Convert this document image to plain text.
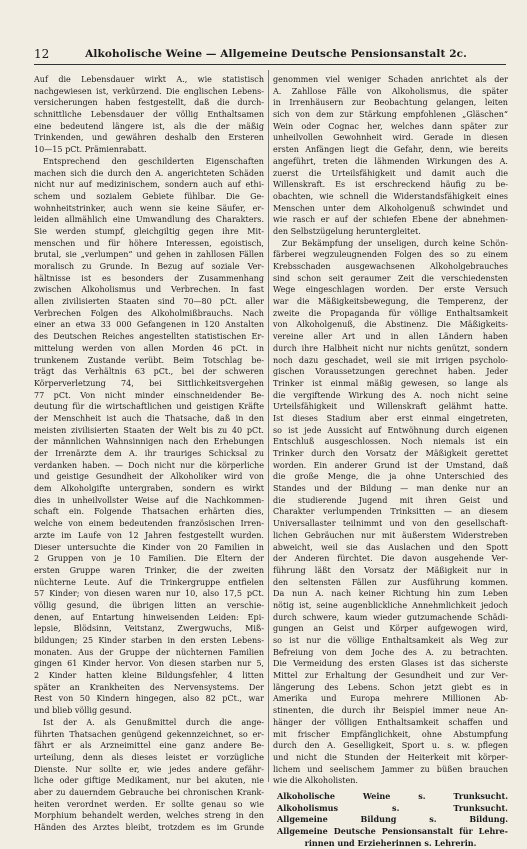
12	Alkoholische Weine — Allgemeine Deutsche Pensionsanstalt 2c.
Auf die Lebensdauer wirkt A., wie statistisch
nachgewiesen ist, verkürzend. Die englischen Lebens-
versicherungen haben festgestellt, daß die durch-
schnittliche Lebensdauer der völlig Enthaltsamen
eine bedeutend längere ist, als die der mäßig
Trinkenden, und gewähren deshalb den Ersteren
10—15 pCt. Prämienrabatt.
Entsprechend den geschilderten Eigenschaften
machen sich die durch den A. angerichteten Schäden
nicht nur auf medizinischem, sondern auch auf ethi-
schem und sozialem Gebiete fühlbar. Die Ge-
wohnheitstrinker, auch wenn sie keine Säufer, er-
leiden allmählich eine Umwandlung des Charakters.
Sie werden stumpf, gleichgiltig gegen ihre Mit-
menschen und für höhere Interessen, egoistisch,
brutal, sie „verlumpen“ und gehen in zahllosen Fällen
moralisch zu Grunde. In Bezug auf soziale Ver-
hältnisse ist es besonders der Zusammenhang
zwischen Alkoholismus und Verbrechen. In fast
allen zivilisierten Staaten sind 70—80 pCt. aller
Verbrechen Folgen des Alkoholmißbrauchs. Nach
einer an etwa 33 000 Gefangenen in 120 Anstalten
des Deutschen Reiches angestellten statistischen Er-
mittelung werden von allen Morden 46 pCt. in
trunkenem Zustande verübt. Beim Totschlag be-
trägt das Verhältnis 63 pCt., bei der schweren
Körperverletzung 74, bei Sittlichkeitsvergehen
77 pCt. Von nicht minder einschneidender Be-
deutung für die wirtschaftlichen und geistigen Kräfte
der Menschheit ist auch die Thatsache, daß in den
meisten zivilisierten Staaten der Welt bis zu 40 pCt.
der männlichen Wahnsinnigen nach den Erhebungen
der Irrenärzte dem A. ihr trauriges Schicksal zu
verdanken haben. — Doch nicht nur die körperliche
und geistige Gesundheit der Alkoholiker wird von
dem Alkoholgifte untergraben, sondern es wirkt
dies in unheilvollster Weise auf die Nachkommen-
schaft ein. Folgende Thatsachen erhärten dies,
welche von einem bedeutenden französischen Irren-
arzte im Laufe von 12 Jahren festgestellt wurden.
Dieser untersuchte die Kinder von 20 Familien in
2 Gruppen von je 10 Familien. Die Eltern der
ersten Gruppe waren Trinker, die der zweiten
nüchterne Leute. Auf die Trinkergruppe entfielen
57 Kinder; von diesen waren nur 10, also 17,5 pCt.
völlig gesund, die übrigen litten an verschie-
denen, auf Entartung hinweisenden Leiden: Epi-
lepsie, Blödsinn, Veitstanz, Zwergwuchs, Miß-
bildungen; 25 Kinder starben in den ersten Lebens-
monaten. Aus der Gruppe der nüchternen Familien
gingen 61 Kinder hervor. Von diesen starben nur 5,
2 Kinder hatten kleine Bildungsfehler, 4 litten
später an Krankheiten des Nervensystems. Der
Rest von 50 Kindern hingegen, also 82 pCt., war
und blieb völlig gesund.
Ist der A. als Genußmittel durch die ange-
führten Thatsachen genügend gekennzeichnet, so er-
fährt er als Arzneimittel eine ganz andere Be-
urteilung, denn als dieses leistet er vorzügliche
Dienste. Nur sollte er, wie jedes andere gefähr-
liche oder giftige Medikament, nur bei akuten, nie
aber zu dauerndem Gebrauche bei chronischen Krank-
heiten verordnet werden. Er sollte genau so wie
Morphium behandelt werden, welches streng in den
Händen des Arztes bleibt, trotzdem es im Grunde
genommen viel weniger Schaden anrichtet als der
A. Zahllose Fälle von Alkoholismus, die später
in Irrenhäusern zur Beobachtung gelangen, leiten
sich von dem zur Stärkung empfohlenen „Gläschen“
Wein oder Cognac her, welches dann später zur
unheilvollen Gewohnheit wird. Gerade in diesen
ersten Anfängen liegt die Gefahr, denn, wie bereits
angeführt, treten die lähmenden Wirkungen des A.
zuerst die Urteilsfähigkeit und damit auch die
Willenskraft. Es ist erschreckend häufig zu be-
obachten, wie schnell die Widerstandsfähigkeit eines
Menschen unter dem Alkoholgenuß schwindet und
wie rasch er auf der schiefen Ebene der abnehmen-
den Selbstzügelung heruntergleitet.
Zur Bekämpfung der unseligen, durch keine Schön-
färberei wegzuleugnenden Folgen des so zu einem
Krebsschaden ausgewachsenen Alkoholgebrauches
sind schon seit geraumer Zeit die verschiedensten
Wege eingeschlagen worden. Der erste Versuch
war die Mäßigkeitsbewegung, die Temperenz, der
zweite die Propaganda für völlige Enthaltsamkeit
von Alkoholgenuß, die Abstinenz. Die Mäßigkeits-
vereine aller Art und in allen Ländern haben
durch ihre Halbheit nicht nur nichts genützt, sondern
noch dazu geschadet, weil sie mit irrigen psycholo-
gischen Voraussetzungen gerechnet haben. Jeder
Trinker ist einmal mäßig gewesen, so lange als
die vergiftende Wirkung des A. noch nicht seine
Urteilsfähigkeit und Willenskraft gelähmt hatte.
Ist dieses Stadium aber erst einmal eingetreten,
so ist jede Aussicht auf Entwöhnung durch eigenen
Entschluß ausgeschlossen. Noch niemals ist ein
Trinker durch den Vorsatz der Mäßigkeit gerettet
worden. Ein anderer Grund ist der Umstand, daß
die große Menge, die ja ohne Unterschied des
Standes und der Bildung — man denke nur an
die studierende Jugend mit ihren Geist und
Charakter verlumpenden Trinksitten — an diesem
Universallaster teilnimmt und von den gesellschaft-
lichen Gebräuchen nur mit äußerstem Widerstreben
abweicht, weil sie das Auslachen und den Spott
der Anderen fürchtet. Die davon ausgehende Ver-
führung läßt den Vorsatz der Mäßigkeit nur in
den seltensten Fällen zur Ausführung kommen.
Da nun A. nach keiner Richtung hin zum Leben
nötig ist, seine augenblickliche Annehmlichkeit jedoch
durch schwere, kaum wieder gutzumachende Schädi-
gungen an Geist und Körper aufgewogen wird,
so ist nur die völlige Enthaltsamkeit als Weg zur
Befreiung von dem Joche des A. zu betrachten.
Die Vermeidung des ersten Glases ist das sicherste
Mittel zur Erhaltung der Gesundheit und zur Ver-
längerung des Lebens. Schon jetzt giebt es in
Amerika und Europa mehrere Millionen Ab-
stinenten, die durch ihr Beispiel immer neue An-
hänger der völligen Enthaltsamkeit schaffen und
mit frischer Empfänglichkeit, ohne Abstumpfung
durch den A. Geselligkeit, Sport u. s. w. pflegen
und nicht die Stunden der Heiterkeit mit körper-
lichem und seelischem Jammer zu büßen brauchen
wie die Alkoholisten.
Alkoholische Weine s. Trunksucht.
Alkoholismus s. Trunksucht.
Allgemeine Bildung s. Bildung.
Allgemeine Deutsche Pensionsanstalt für Lehre-
rinnen und Erzieherinnen s. Lehrerin.
